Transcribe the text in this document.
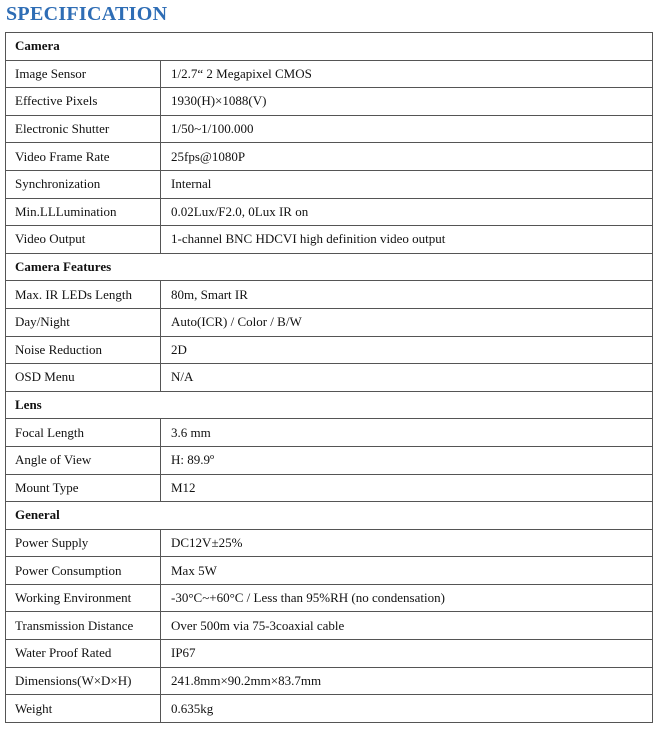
SPECIFICATION
Camera	
Image Sensor	1/2.7“ 2 Megapixel CMOS
Effective Pixels	1930(H)×1088(V)
Electronic Shutter	1/50~1/100.000
Video Frame Rate	25fps@1080P
Synchronization	Internal
Min.LLLumination	0.02Lux/F2.0, 0Lux IR on
Video Output	1-channel BNC HDCVI high definition video output
Camera Features	
Max. IR LEDs Length	80m, Smart IR
Day/Night	Auto(ICR) / Color / B/W
Noise Reduction	2D
OSD Menu	N/A
Lens	
Focal Length	3.6 mm
Angle of View	H: 89.9º
Mount Type	M12
General	
Power Supply	DC12V±25%
Power Consumption	Max 5W
Working Environment	-30°C~+60°C / Less than 95%RH (no condensation)
Transmission Distance	Over 500m via 75-3coaxial cable
Water Proof Rated	IP67
Dimensions(W×D×H)	241.8mm×90.2mm×83.7mm
Weight	0.635kg
